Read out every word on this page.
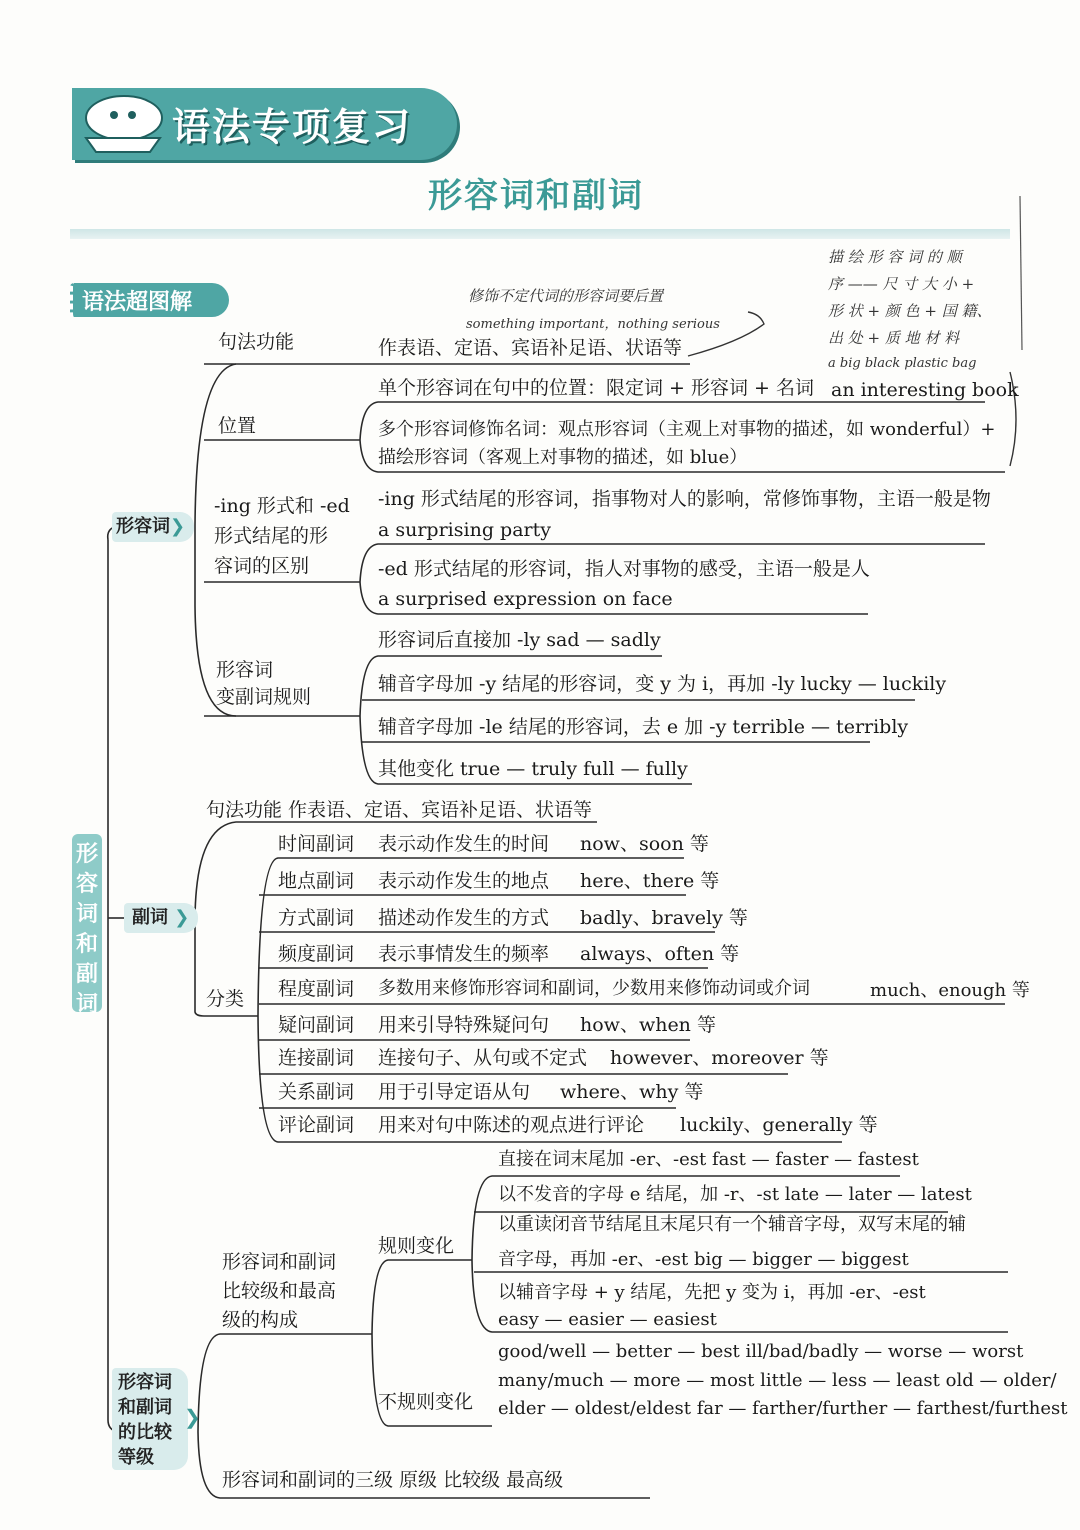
语法专项复习
形容词和副词
语法超图解	修饰不定代词的形容词要后置
something important，nothing serious
描 绘 形 容 词 的 顺
序 —— 尺 寸 大 小 +
形 状 + 颜 色 + 国 籍、
出 处 + 质 地 材 料
a big black plastic bag
形容词和副词
形容词❯
副词 ❯
形容词
和副词
的比较
等级
❯
句法功能	作表语、定语、宾语补足语、状语等
位置
单个形容词在句中的位置：限定词 + 形容词 + 名词 an interesting book
多个形容词修饰名词：观点形容词（主观上对事物的描述，如 wonderful）+
描绘形容词（客观上对事物的描述，如 blue）
-ing 形式和 -ed
形式结尾的形
容词的区别
-ing 形式结尾的形容词，指事物对人的影响，常修饰事物，主语一般是物
a surprising party
-ed 形式结尾的形容词，指人对事物的感受，主语一般是人
a surprised expression on face
形容词
变副词规则
形容词后直接加 -ly sad — sadly
辅音字母加 -y 结尾的形容词，变 y 为 i，再加 -ly lucky — luckily
辅音字母加 -le 结尾的形容词，去 e 加 -y terrible — terribly
其他变化 true — truly full — fully
句法功能 作表语、定语、宾语补足语、状语等
分类
时间副词 表示动作发生的时间 now、soon 等
地点副词 表示动作发生的地点 here、there 等
方式副词 描述动作发生的方式 badly、bravely 等
频度副词 表示事情发生的频率 always、often 等
程度副词 多数用来修饰形容词和副词，少数用来修饰动词或介词	much、enough 等
疑问副词 用来引导特殊疑问句 how、when 等
连接副词 连接句子、从句或不定式 however、moreover 等
关系副词 用于引导定语从句 where、why 等
评论副词 用来对句中陈述的观点进行评论 luckily、generally 等
形容词和副词
比较级和最高
级的构成
规则变化
不规则变化
直接在词末尾加 -er、-est fast — faster — fastest
以不发音的字母 e 结尾，加 -r、-st late — later — latest
以重读闭音节结尾且末尾只有一个辅音字母，双写末尾的辅
音字母，再加 -er、-est big — bigger — biggest
以辅音字母 + y 结尾，先把 y 变为 i，再加 -er、-est
easy — easier — easiest
good/well — better — best ill/bad/badly — worse — worst
many/much — more — most little — less — least old — older/
elder — oldest/eldest far — farther/further — farthest/furthest
形容词和副词的三级 原级 比较级 最高级
